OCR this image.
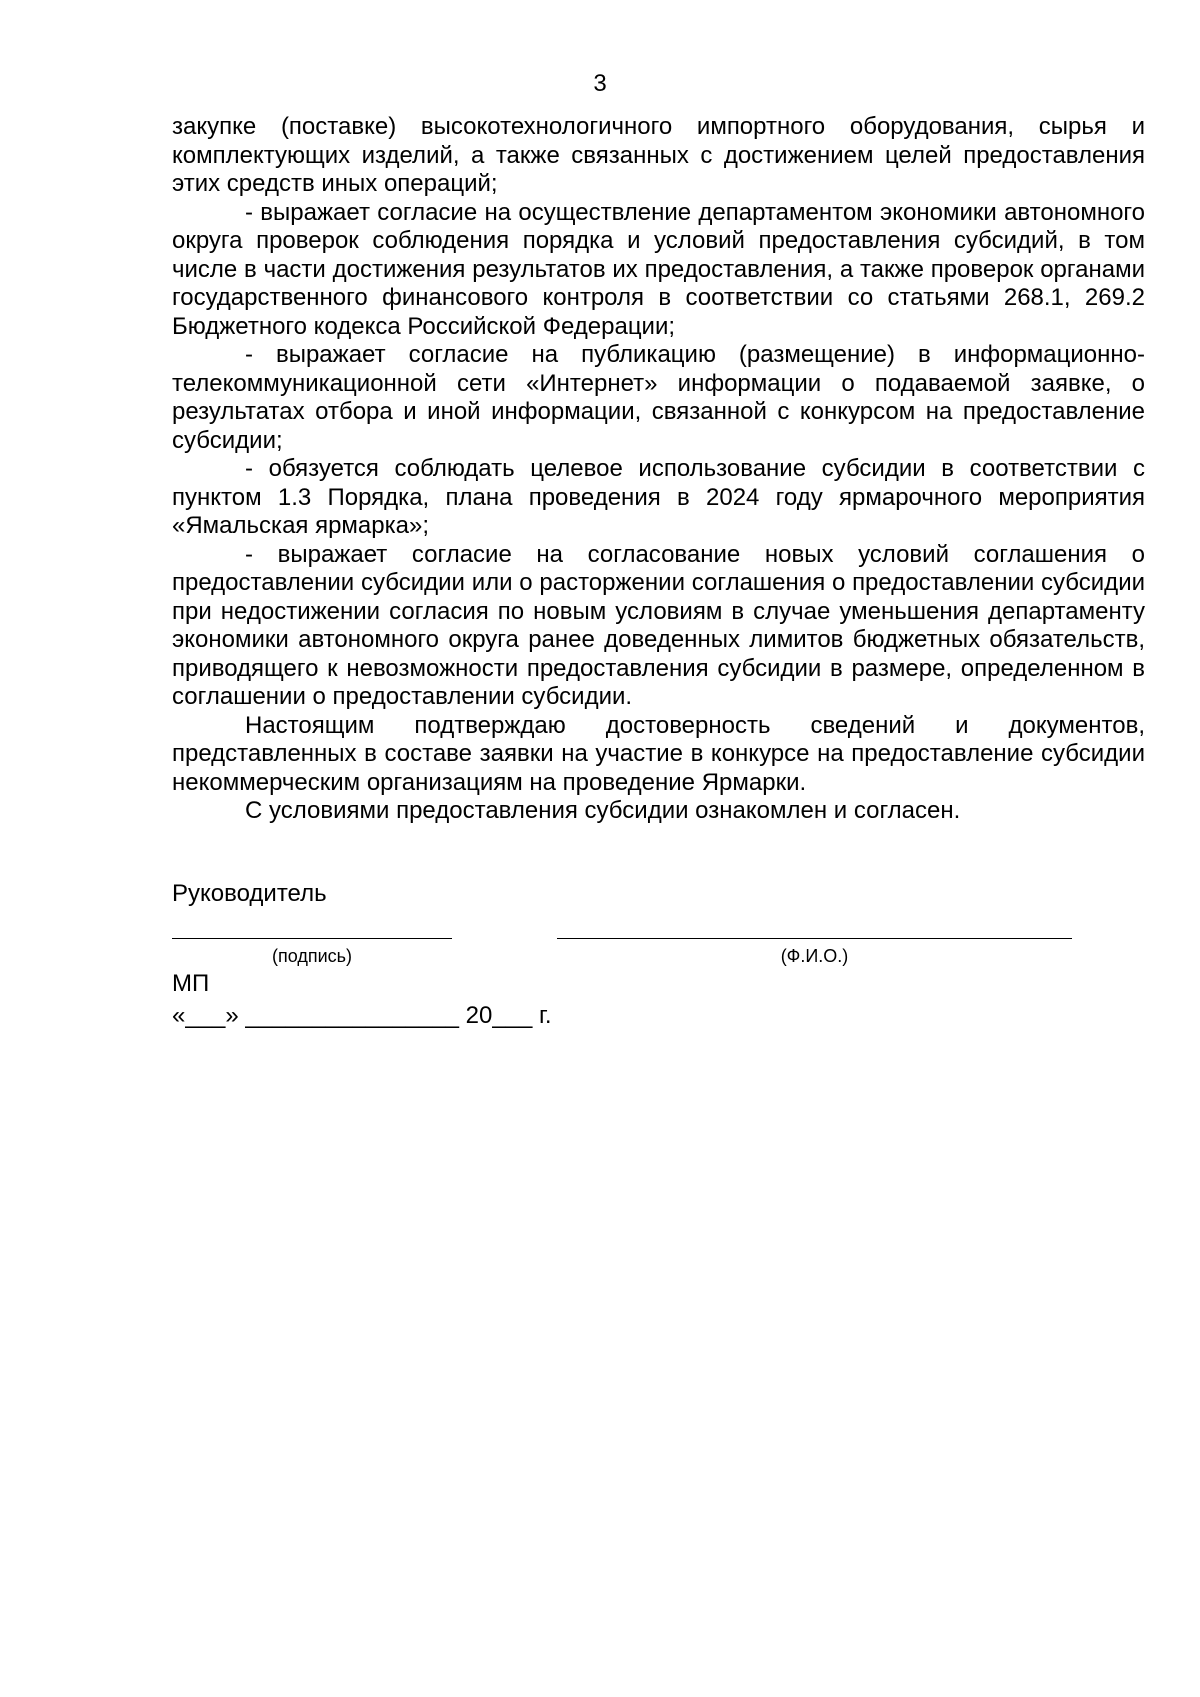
3

закупке (поставке) высокотехнологичного импортного оборудования, сырья и комплектующих изделий, а также связанных с достижением целей предоставления этих средств иных операций;

- выражает согласие на осуществление департаментом экономики автономного округа проверок соблюдения порядка и условий предоставления субсидий, в том числе в части достижения результатов их предоставления, а также проверок органами государственного финансового контроля в соответствии со статьями 268.1, 269.2 Бюджетного кодекса Российской Федерации;

- выражает согласие на публикацию (размещение) в информационно-телекоммуникационной сети «Интернет» информации о подаваемой заявке, о результатах отбора и иной информации, связанной с конкурсом на предоставление субсидии;

- обязуется соблюдать целевое использование субсидии в соответствии с пунктом 1.3 Порядка, плана проведения в 2024 году ярмарочного мероприятия «Ямальская ярмарка»;

- выражает согласие на согласование новых условий соглашения о предоставлении субсидии или о расторжении соглашения о предоставлении субсидии при недостижении согласия по новым условиям в случае уменьшения департаменту экономики автономного округа ранее доведенных лимитов бюджетных обязательств, приводящего к невозможности предоставления субсидии в размере, определенном в соглашении о предоставлении субсидии.

Настоящим подтверждаю достоверность сведений и документов, представленных в составе заявки на участие в конкурсе на предоставление субсидии некоммерческим организациям на проведение Ярмарки.

С условиями предоставления субсидии ознакомлен и согласен.

Руководитель
(подпись)	(Ф.И.О.)
МП
«___» ________________ 20___ г.
